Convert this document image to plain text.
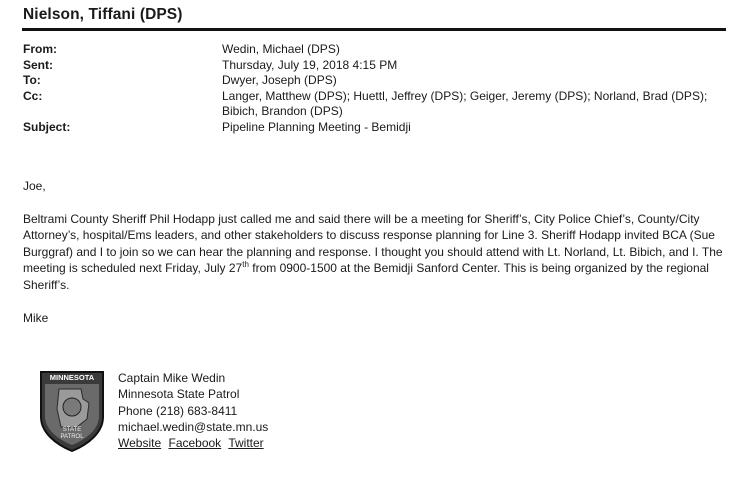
Nielson, Tiffani (DPS)
From:	Wedin, Michael (DPS)
Sent:	Thursday, July 19, 2018 4:15 PM
To:	Dwyer, Joseph (DPS)
Cc:	Langer, Matthew (DPS); Huettl, Jeffrey (DPS); Geiger, Jeremy (DPS); Norland, Brad (DPS);
Bibich, Brandon (DPS)
Subject:	Pipeline Planning Meeting - Bemidji

Joe,

Beltrami County Sheriff Phil Hodapp just called me and said there will be a meeting for Sheriff’s, City Police Chief’s, County/City Attorney’s, hospital/Ems leaders, and other stakeholders to discuss response planning for Line 3. Sheriff Hodapp invited BCA (Sue Burggraf) and I to join so we can hear the planning and response. I thought you should attend with Lt. Norland, Lt. Bibich, and I. The meeting is scheduled next Friday, July 27th from 0900-1500 at the Bemidji Sanford Center. This is being organized by the regional Sheriff’s.

Mike

MINNESOTA
STATE
PATROL
Captain Mike Wedin
Minnesota State Patrol
Phone (218) 683-8411
michael.wedin@state.mn.us
Website Facebook Twitter
